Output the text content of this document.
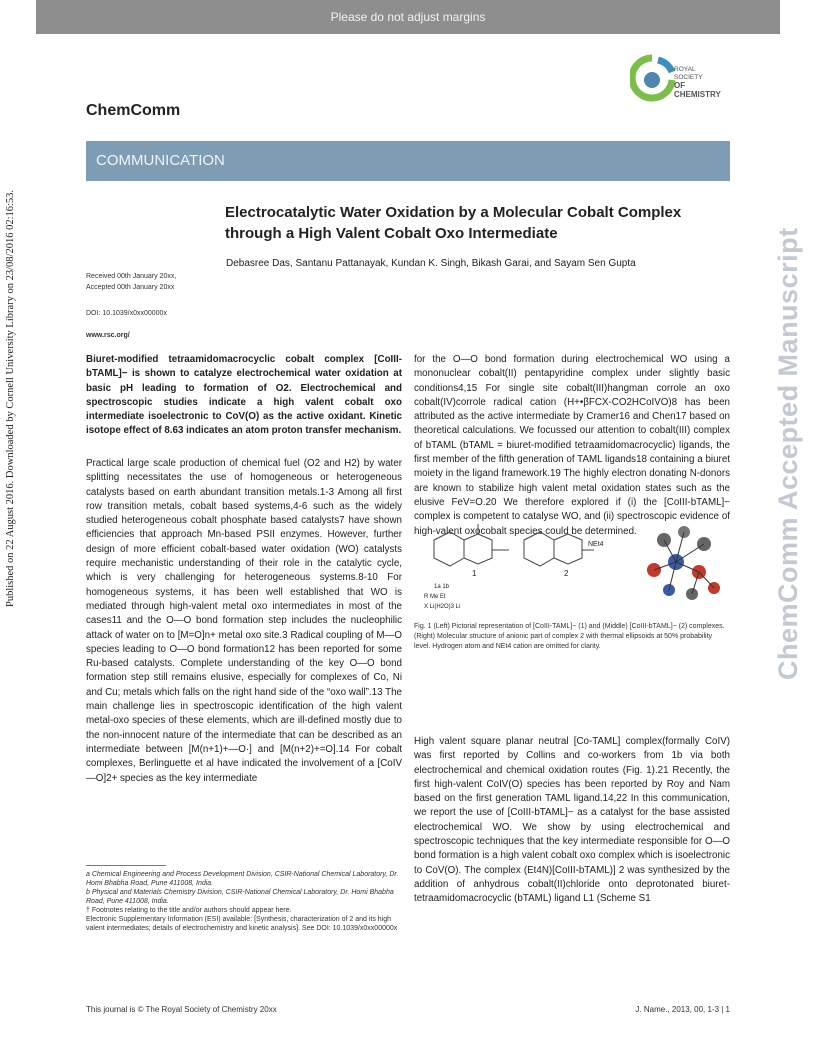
Please do not adjust margins
Published on 22 August 2016. Downloaded by Cornell University Library on 23/08/2016 02:16:53.	ChemComm Accepted Manuscript
ROYAL SOCIETY
OF CHEMISTRY
ChemComm
COMMUNICATION
Electrocatalytic Water Oxidation by a Molecular Cobalt Complex through a High Valent Cobalt Oxo Intermediate
Debasree Das, Santanu Pattanayak, Kundan K. Singh, Bikash Garai, and Sayam Sen Gupta
Received 00th January 20xx,
Accepted 00th January 20xx
DOI: 10.1039/x0xx00000x
www.rsc.org/
Biuret-modified tetraamidomacrocyclic cobalt complex [CoIII-bTAML]− is shown to catalyze electrochemical water oxidation at basic pH leading to formation of O2. Electrochemical and spectroscopic studies indicate a high valent cobalt oxo intermediate isoelectronic to CoV(O) as the active oxidant. Kinetic isotope effect of 8.63 indicates an atom proton transfer mechanism.
Practical large scale production of chemical fuel (O2 and H2) by water splitting necessitates the use of homogeneous or heterogeneous catalysts based on earth abundant transition metals.1-3 Among all first row transition metals, cobalt based systems,4-6 such as the widely studied heterogeneous cobalt phosphate based catalysts7 have shown efficiencies that approach Mn-based PSII enzymes. However, further design of more efficient cobalt-based water oxidation (WO) catalysts require mechanistic understanding of their role in the catalytic cycle, which is very challenging for heterogeneous systems.8-10 For homogeneous systems, it has been well established that WO is mediated through high-valent metal oxo intermediates in most of the cases11 and the O—O bond formation step includes the nucleophilic attack of water on to [M=O]n+ metal oxo site.3 Radical coupling of M—O species leading to O—O bond formation12 has been reported for some Ru-based catalysts. Complete understanding of the key O—O bond formation step still remains elusive, especially for complexes of Co, Ni and Cu; metals which falls on the right hand side of the “oxo wall”.13 The main challenge lies in spectroscopic identification of the high valent metal-oxo species of these elements, which are ill-defined mostly due to the non-innocent nature of the intermediate that can be described as an intermediate between [M(n+1)+—O·] and [M(n+2)+=O].14 For cobalt complexes, Berlinguette et al have indicated the involvement of a [CoIV—O]2+ species as the key intermediate
for the O—O bond formation during electrochemical WO using a mononuclear cobalt(II) pentapyridine complex under slightly basic conditions4,15 For single site cobalt(III)hangman corrole an oxo cobalt(IV)corrole radical cation (H+•βFCX-CO2HCoIVO)8 has been attributed as the active intermediate by Cramer16 and Chen17 based on theoretical calculations. We focussed our attention to cobalt(III) complex of bTAML (bTAML = biuret-modified tetraamidomacrocyclic) ligands, the first member of the fifth generation of TAML ligands18 containing a biuret moiety in the ligand framework.19 The highly electron donating N-donors are known to stabilize high valent metal oxidation states such as the elusive FeV=O.20 We therefore explored if (i) the [CoIII-bTAML]− complex is competent to catalyse WO, and (ii) spectroscopic evidence of high-valent oxocobalt species could be determined.
1	2
NEt4
1a 1b
R Me Et
X Li(H2O)3 Li
Fig. 1 (Left) Pictorial representation of [CoIII-TAML]− (1) and (Middle) [CoIII-bTAML]− (2) complexes. (Right) Molecular structure of anionic part of complex 2 with thermal ellipsoids at 50% probability level. Hydrogen atom and NEt4 cation are omitted for clarity.
High valent square planar neutral [Co-TAML] complex(formally CoIV) was first reported by Collins and co-workers from 1b via both electrochemical and chemical oxidation routes (Fig. 1).21 Recently, the first high-valent CoIV(O) species has been reported by Roy and Nam based on the first generation TAML ligand.14,22 In this communication, we report the use of [CoIII-bTAML]− as a catalyst for the base assisted electrochemical WO. We show by using electrochemical and spectroscopic techniques that the key intermediate responsible for O—O bond formation is a high valent cobalt oxo complex which is isoelectronic to CoV(O). The complex (Et4N)[CoIII-bTAML)] 2 was synthesized by the addition of anhydrous cobalt(II)chloride onto deprotonated biuret-tetraamidomacrocyclic (bTAML) ligand L1 (Scheme S1

a Chemical Engineering and Process Development Division, CSIR-National Chemical Laboratory, Dr. Homi Bhabha Road, Pune 411008, India.

b Physical and Materials Chemistry Division, CSIR-National Chemical Laboratory, Dr. Homi Bhabha Road, Pune 411008, India.

† Footnotes relating to the title and/or authors should appear here.

Electronic Supplementary Information (ESI) available: [Synthesis, characterization of 2 and its high valent intermediates; details of electrochemistry and kinetic analysis]. See DOI: 10.1039/x0xx00000x

This journal is © The Royal Society of Chemistry 20xx	J. Name., 2013, 00, 1-3 | 1
